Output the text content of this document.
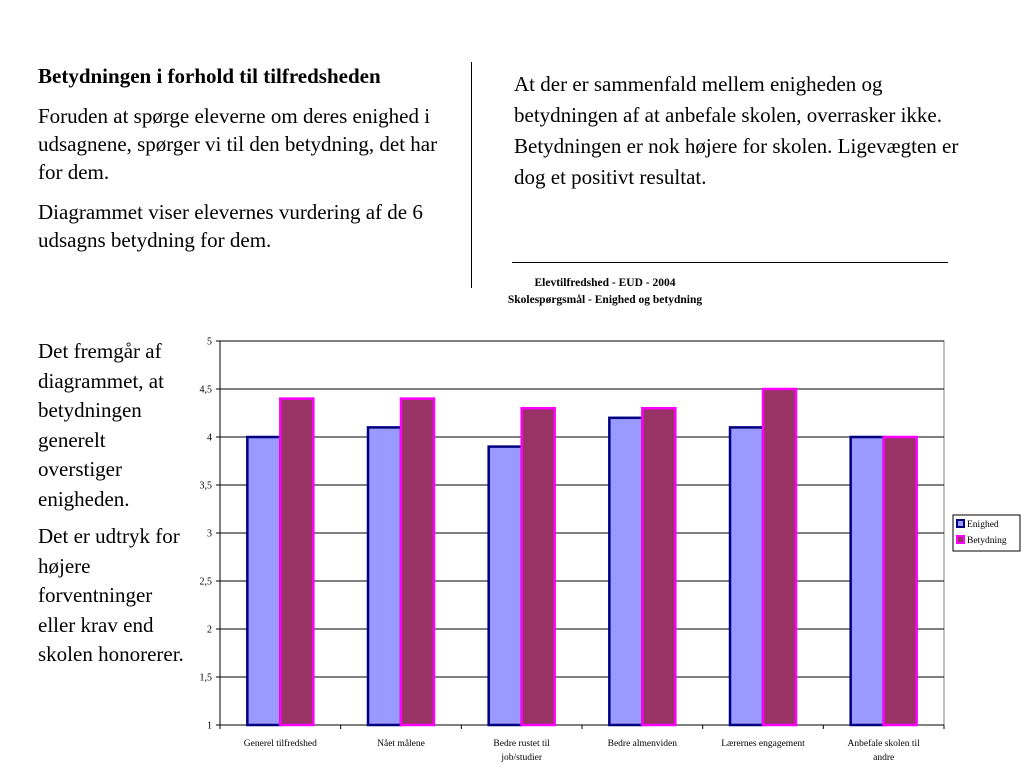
Betydningen i forhold til tilfredsheden

Foruden at spørge eleverne om deres enighed i udsagnene, spørger vi til den betydning, det har for dem.

Diagrammet viser elevernes vurdering af de 6 udsagns betydning for dem.

Det fremgår af diagrammet, at betydningen generelt overstiger enigheden.

Det er udtryk for højere forventninger eller krav end skolen honorerer.

At der er sammenfald mellem enigheden og betydningen af at anbefale skolen, overrasker ikke. Betydningen er nok højere for skolen. Ligevægten er dog et positivt resultat.

Elevtilfredshed - EUD - 2004
Skolespørgsmål - Enighed og betydning
1
1,5
2
2,5
3
3,5
4
4,5
5
Generel tilfredshed	Nået målene	Bedre rustet til
job/studier
Bedre almenviden	Lærernes engagement	Anbefale skolen til
andre
Enighed
Betydning
